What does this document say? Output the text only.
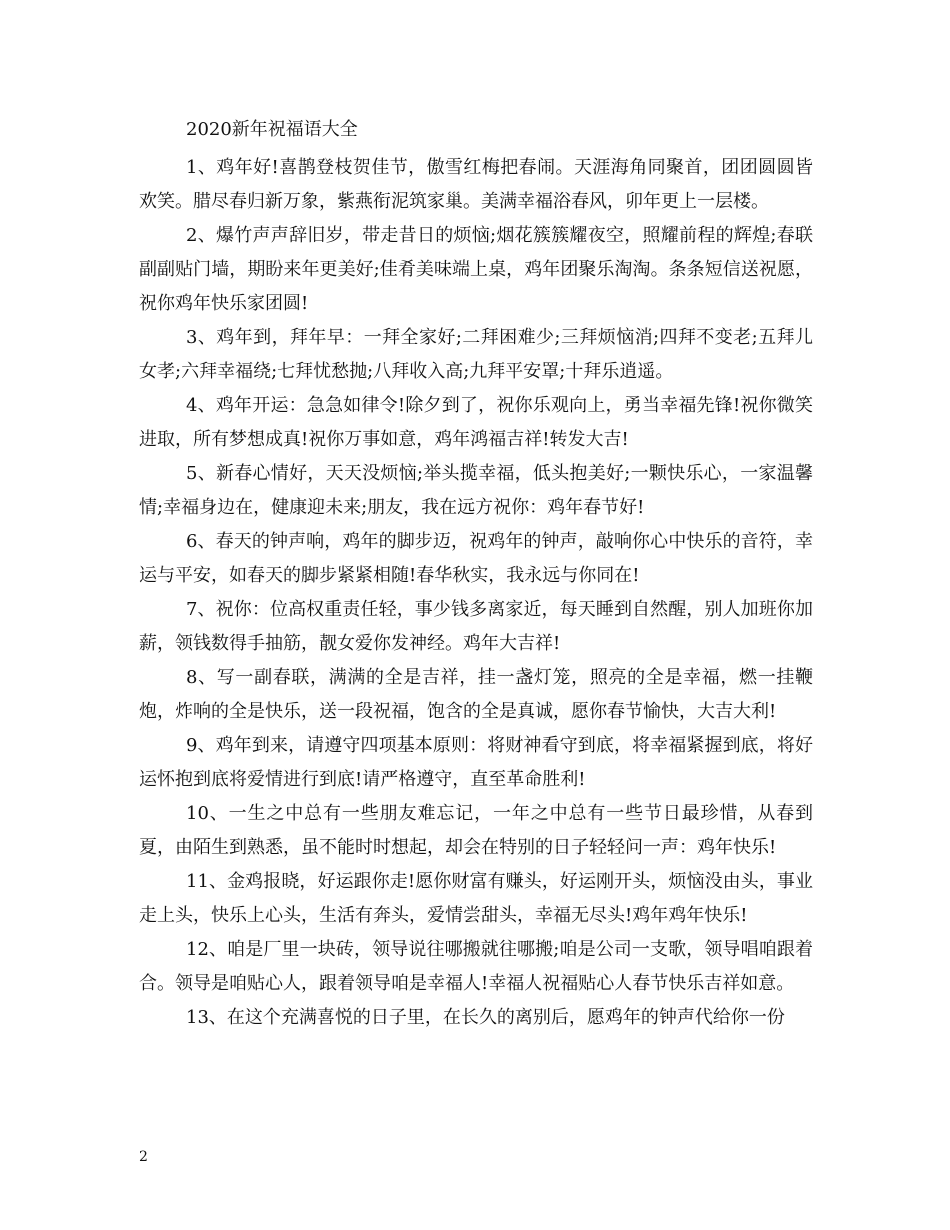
2020新年祝福语大全

1、鸡年好!喜鹊登枝贺佳节，傲雪红梅把春闹。天涯海角同聚首，团团圆圆皆欢笑。腊尽春归新万象，紫燕衔泥筑家巢。美满幸福浴春风，卯年更上一层楼。

2、爆竹声声辞旧岁，带走昔日的烦恼;烟花簇簇耀夜空，照耀前程的辉煌;春联副副贴门墙，期盼来年更美好;佳肴美味端上桌，鸡年团聚乐淘淘。条条短信送祝愿，祝你鸡年快乐家团圆!

3、鸡年到，拜年早：一拜全家好;二拜困难少;三拜烦恼消;四拜不变老;五拜儿女孝;六拜幸福绕;七拜忧愁抛;八拜收入高;九拜平安罩;十拜乐逍遥。

4、鸡年开运：急急如律令!除夕到了，祝你乐观向上，勇当幸福先锋!祝你微笑进取，所有梦想成真!祝你万事如意，鸡年鸿福吉祥!转发大吉!

5、新春心情好，天天没烦恼;举头揽幸福，低头抱美好;一颗快乐心，一家温馨情;幸福身边在，健康迎未来;朋友，我在远方祝你：鸡年春节好!

6、春天的钟声响，鸡年的脚步迈，祝鸡年的钟声，敲响你心中快乐的音符，幸运与平安，如春天的脚步紧紧相随!春华秋实，我永远与你同在!

7、祝你：位高权重责任轻，事少钱多离家近，每天睡到自然醒，别人加班你加薪，领钱数得手抽筋，靓女爱你发神经。鸡年大吉祥!

8、写一副春联，满满的全是吉祥，挂一盏灯笼，照亮的全是幸福，燃一挂鞭炮，炸响的全是快乐，送一段祝福，饱含的全是真诚，愿你春节愉快，大吉大利!

9、鸡年到来，请遵守四项基本原则：将财神看守到底，将幸福紧握到底，将好运怀抱到底将爱情进行到底!请严格遵守，直至革命胜利!

10、一生之中总有一些朋友难忘记，一年之中总有一些节日最珍惜，从春到夏，由陌生到熟悉，虽不能时时想起，却会在特别的日子轻轻问一声：鸡年快乐!

11、金鸡报晓，好运跟你走!愿你财富有赚头，好运刚开头，烦恼没由头，事业走上头，快乐上心头，生活有奔头，爱情尝甜头，幸福无尽头!鸡年鸡年快乐!

12、咱是厂里一块砖，领导说往哪搬就往哪搬;咱是公司一支歌，领导唱咱跟着合。领导是咱贴心人，跟着领导咱是幸福人!幸福人祝福贴心人春节快乐吉祥如意。

13、在这个充满喜悦的日子里，在长久的离别后，愿鸡年的钟声代给你一份

2
